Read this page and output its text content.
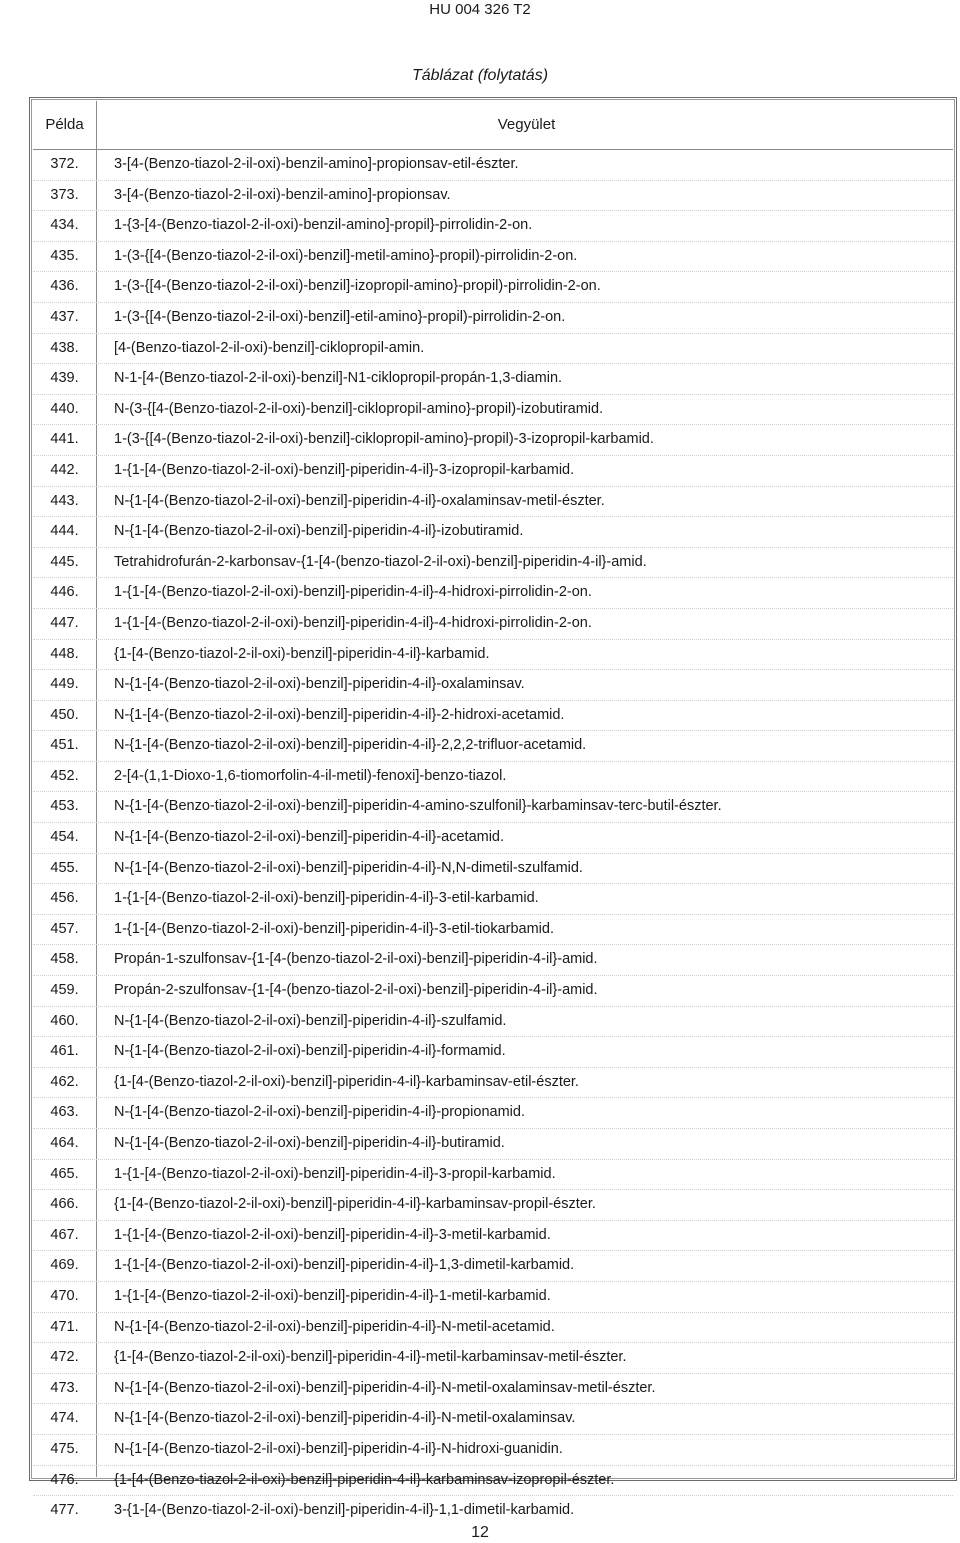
HU 004 326 T2
Táblázat (folytatás)
Példa	Vegyület
372.	3-[4-(Benzo-tiazol-2-il-oxi)-benzil-amino]-propionsav-etil-észter.
373.	3-[4-(Benzo-tiazol-2-il-oxi)-benzil-amino]-propionsav.
434.	1-{3-[4-(Benzo-tiazol-2-il-oxi)-benzil-amino]-propil}-pirrolidin-2-on.
435.	1-(3-{[4-(Benzo-tiazol-2-il-oxi)-benzil]-metil-amino}-propil)-pirrolidin-2-on.
436.	1-(3-{[4-(Benzo-tiazol-2-il-oxi)-benzil]-izopropil-amino}-propil)-pirrolidin-2-on.
437.	1-(3-{[4-(Benzo-tiazol-2-il-oxi)-benzil]-etil-amino}-propil)-pirrolidin-2-on.
438.	[4-(Benzo-tiazol-2-il-oxi)-benzil]-ciklopropil-amin.
439.	N-1-[4-(Benzo-tiazol-2-il-oxi)-benzil]-N1-ciklopropil-propán-1,3-diamin.
440.	N-(3-{[4-(Benzo-tiazol-2-il-oxi)-benzil]-ciklopropil-amino}-propil)-izobutiramid.
441.	1-(3-{[4-(Benzo-tiazol-2-il-oxi)-benzil]-ciklopropil-amino}-propil)-3-izopropil-karbamid.
442.	1-{1-[4-(Benzo-tiazol-2-il-oxi)-benzil]-piperidin-4-il}-3-izopropil-karbamid.
443.	N-{1-[4-(Benzo-tiazol-2-il-oxi)-benzil]-piperidin-4-il}-oxalaminsav-metil-észter.
444.	N-{1-[4-(Benzo-tiazol-2-il-oxi)-benzil]-piperidin-4-il}-izobutiramid.
445.	Tetrahidrofurán-2-karbonsav-{1-[4-(benzo-tiazol-2-il-oxi)-benzil]-piperidin-4-il}-amid.
446.	1-{1-[4-(Benzo-tiazol-2-il-oxi)-benzil]-piperidin-4-il}-4-hidroxi-pirrolidin-2-on.
447.	1-{1-[4-(Benzo-tiazol-2-il-oxi)-benzil]-piperidin-4-il}-4-hidroxi-pirrolidin-2-on.
448.	{1-[4-(Benzo-tiazol-2-il-oxi)-benzil]-piperidin-4-il}-karbamid.
449.	N-{1-[4-(Benzo-tiazol-2-il-oxi)-benzil]-piperidin-4-il}-oxalaminsav.
450.	N-{1-[4-(Benzo-tiazol-2-il-oxi)-benzil]-piperidin-4-il}-2-hidroxi-acetamid.
451.	N-{1-[4-(Benzo-tiazol-2-il-oxi)-benzil]-piperidin-4-il}-2,2,2-trifluor-acetamid.
452.	2-[4-(1,1-Dioxo-1,6-tiomorfolin-4-il-metil)-fenoxi]-benzo-tiazol.
453.	N-{1-[4-(Benzo-tiazol-2-il-oxi)-benzil]-piperidin-4-amino-szulfonil}-karbaminsav-terc-butil-észter.
454.	N-{1-[4-(Benzo-tiazol-2-il-oxi)-benzil]-piperidin-4-il}-acetamid.
455.	N-{1-[4-(Benzo-tiazol-2-il-oxi)-benzil]-piperidin-4-il}-N,N-dimetil-szulfamid.
456.	1-{1-[4-(Benzo-tiazol-2-il-oxi)-benzil]-piperidin-4-il}-3-etil-karbamid.
457.	1-{1-[4-(Benzo-tiazol-2-il-oxi)-benzil]-piperidin-4-il}-3-etil-tiokarbamid.
458.	Propán-1-szulfonsav-{1-[4-(benzo-tiazol-2-il-oxi)-benzil]-piperidin-4-il}-amid.
459.	Propán-2-szulfonsav-{1-[4-(benzo-tiazol-2-il-oxi)-benzil]-piperidin-4-il}-amid.
460.	N-{1-[4-(Benzo-tiazol-2-il-oxi)-benzil]-piperidin-4-il}-szulfamid.
461.	N-{1-[4-(Benzo-tiazol-2-il-oxi)-benzil]-piperidin-4-il}-formamid.
462.	{1-[4-(Benzo-tiazol-2-il-oxi)-benzil]-piperidin-4-il}-karbaminsav-etil-észter.
463.	N-{1-[4-(Benzo-tiazol-2-il-oxi)-benzil]-piperidin-4-il}-propionamid.
464.	N-{1-[4-(Benzo-tiazol-2-il-oxi)-benzil]-piperidin-4-il}-butiramid.
465.	1-{1-[4-(Benzo-tiazol-2-il-oxi)-benzil]-piperidin-4-il}-3-propil-karbamid.
466.	{1-[4-(Benzo-tiazol-2-il-oxi)-benzil]-piperidin-4-il}-karbaminsav-propil-észter.
467.	1-{1-[4-(Benzo-tiazol-2-il-oxi)-benzil]-piperidin-4-il}-3-metil-karbamid.
469.	1-{1-[4-(Benzo-tiazol-2-il-oxi)-benzil]-piperidin-4-il}-1,3-dimetil-karbamid.
470.	1-{1-[4-(Benzo-tiazol-2-il-oxi)-benzil]-piperidin-4-il}-1-metil-karbamid.
471.	N-{1-[4-(Benzo-tiazol-2-il-oxi)-benzil]-piperidin-4-il}-N-metil-acetamid.
472.	{1-[4-(Benzo-tiazol-2-il-oxi)-benzil]-piperidin-4-il}-metil-karbaminsav-metil-észter.
473.	N-{1-[4-(Benzo-tiazol-2-il-oxi)-benzil]-piperidin-4-il}-N-metil-oxalaminsav-metil-észter.
474.	N-{1-[4-(Benzo-tiazol-2-il-oxi)-benzil]-piperidin-4-il}-N-metil-oxalaminsav.
475.	N-{1-[4-(Benzo-tiazol-2-il-oxi)-benzil]-piperidin-4-il}-N-hidroxi-guanidin.
476.	{1-[4-(Benzo-tiazol-2-il-oxi)-benzil]-piperidin-4-il}-karbaminsav-izopropil-észter.
477.	3-{1-[4-(Benzo-tiazol-2-il-oxi)-benzil]-piperidin-4-il}-1,1-dimetil-karbamid.
12
